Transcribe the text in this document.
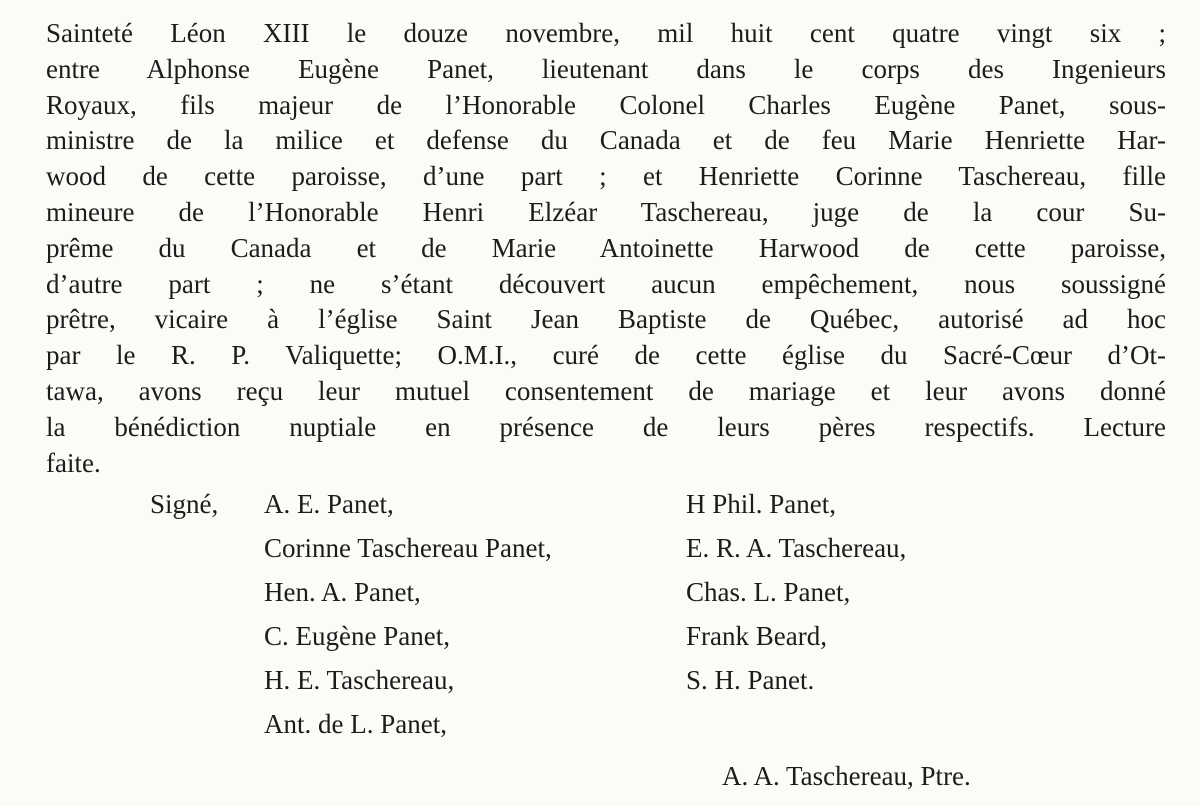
Sainteté Léon XIII le douze novembre, mil huit cent quatre vingt six ;
entre Alphonse Eugène Panet, lieutenant dans le corps des Ingenieurs
Royaux, fils majeur de l’Honorable Colonel Charles Eugène Panet, sous-
ministre de la milice et defense du Canada et de feu Marie Henriette Har-
wood de cette paroisse, d’une part ; et Henriette Corinne Taschereau, fille
mineure de l’Honorable Henri Elzéar Taschereau, juge de la cour Su-
prême du Canada et de Marie Antoinette Harwood de cette paroisse,
d’autre part ; ne s’étant découvert aucun empêchement, nous soussigné
prêtre, vicaire à l’église Saint Jean Baptiste de Québec, autorisé ad hoc
par le R. P. Valiquette; O.M.I., curé de cette église du Sacré-Cœur d’Ot-
tawa, avons reçu leur mutuel consentement de mariage et leur avons donné
la bénédiction nuptiale en présence de leurs pères respectifs. Lecture
faite.
Signé, A. E. Panet,
Corinne Taschereau Panet,
Hen. A. Panet,
C. Eugène Panet,
H. E. Taschereau,
Ant. de L. Panet,
H Phil. Panet,
E. R. A. Taschereau,
Chas. L. Panet,
Frank Beard,
S. H. Panet.
A. A. Taschereau, Ptre.
